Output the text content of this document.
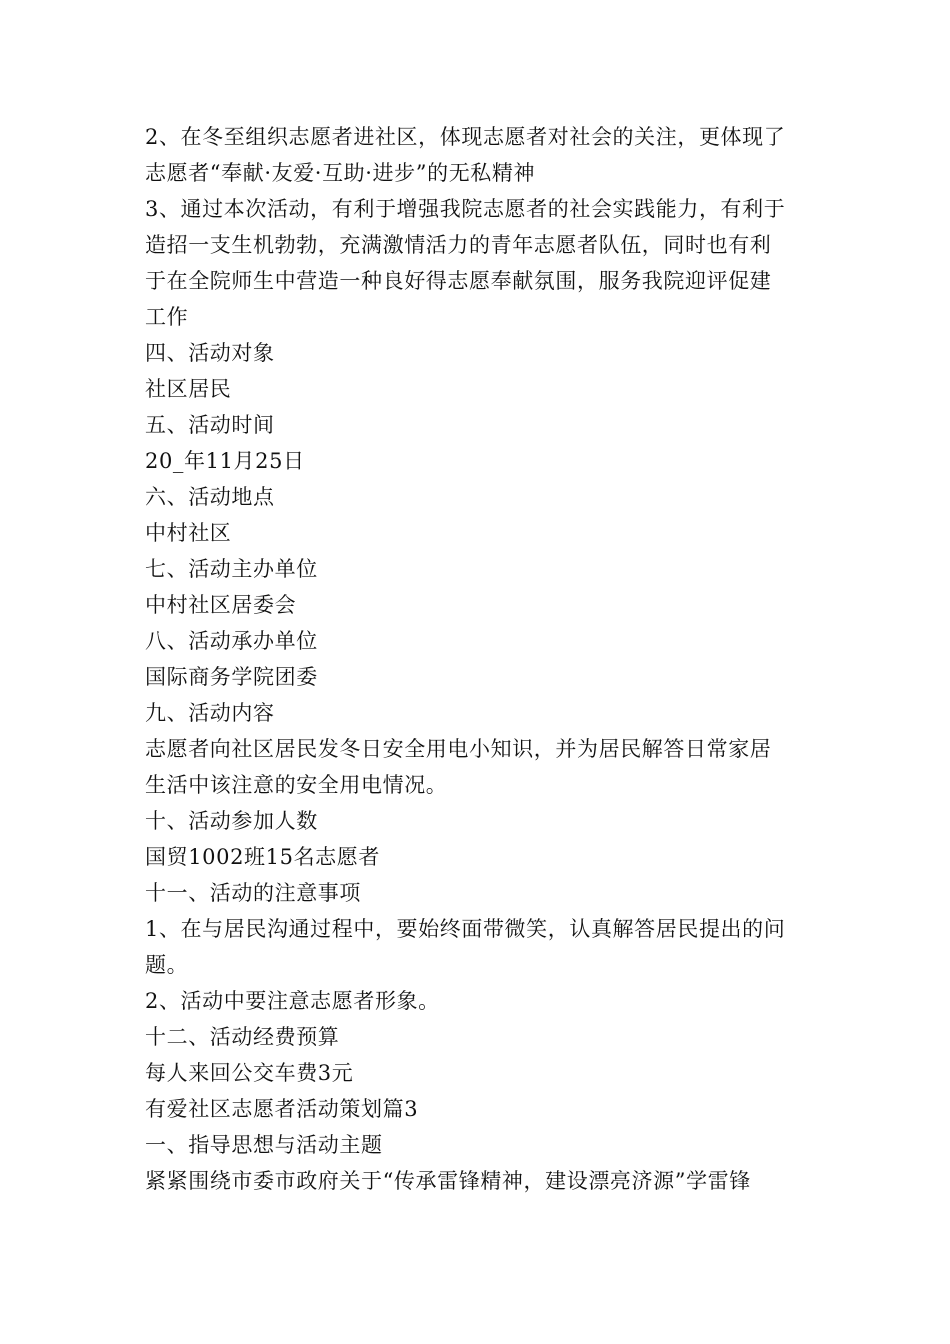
2、在冬至组织志愿者进社区，体现志愿者对社会的关注，更体现了
志愿者“奉献·友爱·互助·进步”的无私精神
3、通过本次活动，有利于增强我院志愿者的社会实践能力，有利于
造招一支生机勃勃，充满激情活力的青年志愿者队伍，同时也有利
于在全院师生中营造一种良好得志愿奉献氛围，服务我院迎评促建
工作
四、活动对象
社区居民
五、活动时间
20_年11月25日
六、活动地点
中村社区
七、活动主办单位
中村社区居委会
八、活动承办单位
国际商务学院团委
九、活动内容
志愿者向社区居民发冬日安全用电小知识，并为居民解答日常家居
生活中该注意的安全用电情况。
十、活动参加人数
国贸1002班15名志愿者
十一、活动的注意事项
1、在与居民沟通过程中，要始终面带微笑，认真解答居民提出的问
题。
2、活动中要注意志愿者形象。
十二、活动经费预算
每人来回公交车费3元
有爱社区志愿者活动策划篇3
一、指导思想与活动主题
紧紧围绕市委市政府关于“传承雷锋精神，建设漂亮济源”学雷锋
